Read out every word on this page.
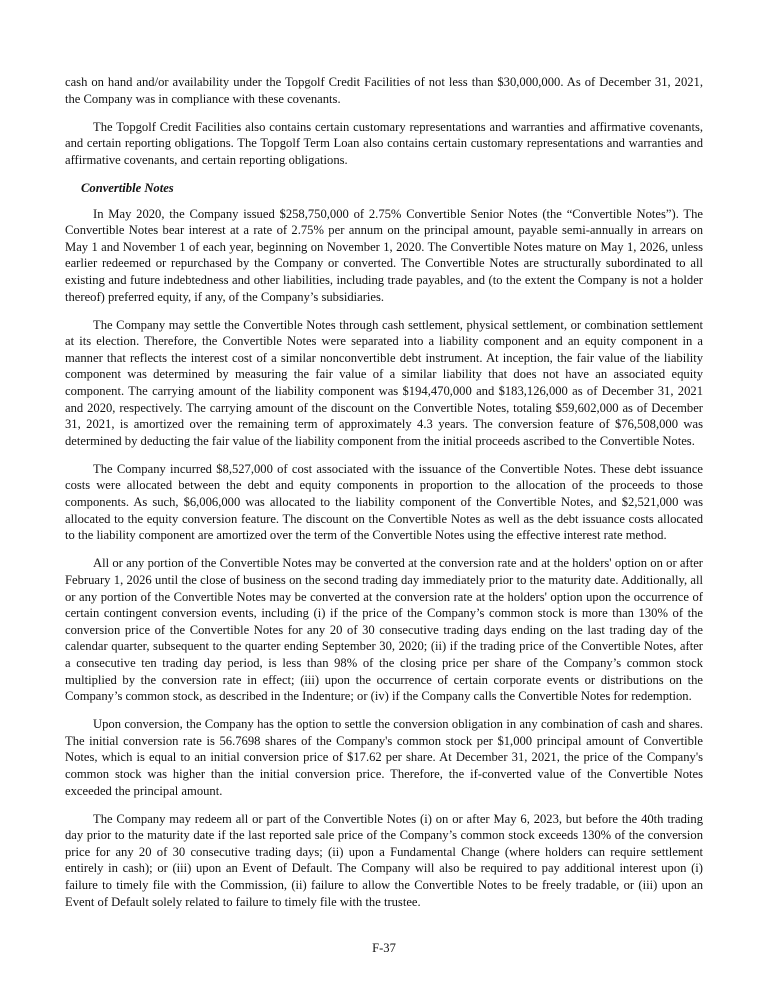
cash on hand and/or availability under the Topgolf Credit Facilities of not less than $30,000,000. As of December 31, 2021, the Company was in compliance with these covenants.

The Topgolf Credit Facilities also contains certain customary representations and warranties and affirmative covenants, and certain reporting obligations. The Topgolf Term Loan also contains certain customary representations and warranties and affirmative covenants, and certain reporting obligations.

Convertible Notes

In May 2020, the Company issued $258,750,000 of 2.75% Convertible Senior Notes (the “Convertible Notes”). The Convertible Notes bear interest at a rate of 2.75% per annum on the principal amount, payable semi-annually in arrears on May 1 and November 1 of each year, beginning on November 1, 2020. The Convertible Notes mature on May 1, 2026, unless earlier redeemed or repurchased by the Company or converted. The Convertible Notes are structurally subordinated to all existing and future indebtedness and other liabilities, including trade payables, and (to the extent the Company is not a holder thereof) preferred equity, if any, of the Company’s subsidiaries.

The Company may settle the Convertible Notes through cash settlement, physical settlement, or combination settlement at its election. Therefore, the Convertible Notes were separated into a liability component and an equity component in a manner that reflects the interest cost of a similar nonconvertible debt instrument. At inception, the fair value of the liability component was determined by measuring the fair value of a similar liability that does not have an associated equity component. The carrying amount of the liability component was $194,470,000 and $183,126,000 as of December 31, 2021 and 2020, respectively. The carrying amount of the discount on the Convertible Notes, totaling $59,602,000 as of December 31, 2021, is amortized over the remaining term of approximately 4.3 years. The conversion feature of $76,508,000 was determined by deducting the fair value of the liability component from the initial proceeds ascribed to the Convertible Notes.

The Company incurred $8,527,000 of cost associated with the issuance of the Convertible Notes. These debt issuance costs were allocated between the debt and equity components in proportion to the allocation of the proceeds to those components. As such, $6,006,000 was allocated to the liability component of the Convertible Notes, and $2,521,000 was allocated to the equity conversion feature. The discount on the Convertible Notes as well as the debt issuance costs allocated to the liability component are amortized over the term of the Convertible Notes using the effective interest rate method.

All or any portion of the Convertible Notes may be converted at the conversion rate and at the holders' option on or after February 1, 2026 until the close of business on the second trading day immediately prior to the maturity date. Additionally, all or any portion of the Convertible Notes may be converted at the conversion rate at the holders' option upon the occurrence of certain contingent conversion events, including (i) if the price of the Company’s common stock is more than 130% of the conversion price of the Convertible Notes for any 20 of 30 consecutive trading days ending on the last trading day of the calendar quarter, subsequent to the quarter ending September 30, 2020; (ii) if the trading price of the Convertible Notes, after a consecutive ten trading day period, is less than 98% of the closing price per share of the Company’s common stock multiplied by the conversion rate in effect; (iii) upon the occurrence of certain corporate events or distributions on the Company’s common stock, as described in the Indenture; or (iv) if the Company calls the Convertible Notes for redemption.

Upon conversion, the Company has the option to settle the conversion obligation in any combination of cash and shares. The initial conversion rate is 56.7698 shares of the Company's common stock per $1,000 principal amount of Convertible Notes, which is equal to an initial conversion price of $17.62 per share. At December 31, 2021, the price of the Company's common stock was higher than the initial conversion price. Therefore, the if-converted value of the Convertible Notes exceeded the principal amount.

The Company may redeem all or part of the Convertible Notes (i) on or after May 6, 2023, but before the 40th trading day prior to the maturity date if the last reported sale price of the Company’s common stock exceeds 130% of the conversion price for any 20 of 30 consecutive trading days; (ii) upon a Fundamental Change (where holders can require settlement entirely in cash); or (iii) upon an Event of Default. The Company will also be required to pay additional interest upon (i) failure to timely file with the Commission, (ii) failure to allow the Convertible Notes to be freely tradable, or (iii) upon an Event of Default solely related to failure to timely file with the trustee.

F-37
